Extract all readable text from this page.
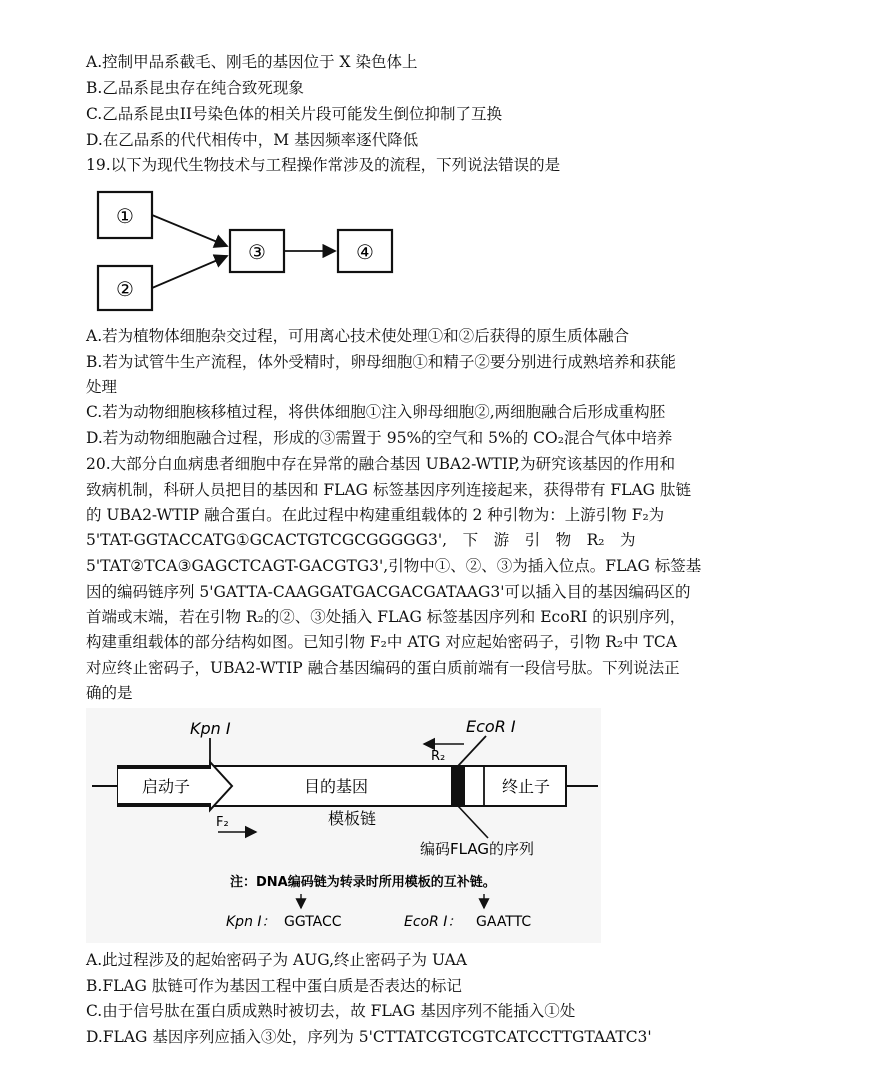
A.控制甲品系截毛、刚毛的基因位于 X 染色体上
B.乙品系昆虫存在纯合致死现象
C.乙品系昆虫II号染色体的相关片段可能发生倒位抑制了互换
D.在乙品系的代代相传中，M 基因频率逐代降低
19.以下为现代生物技术与工程操作常涉及的流程，下列说法错误的是
①
②
③	④
A.若为植物体细胞杂交过程，可用离心技术使处理①和②后获得的原生质体融合
B.若为试管牛生产流程，体外受精时，卵母细胞①和精子②要分别进行成熟培养和获能
处理
C.若为动物细胞核移植过程，将供体细胞①注入卵母细胞②,两细胞融合后形成重构胚
D.若为动物细胞融合过程，形成的③需置于 95%的空气和 5%的 CO₂混合气体中培养
20.大部分白血病患者细胞中存在异常的融合基因 UBA2-WTIP,为研究该基因的作用和
致病机制，科研人员把目的基因和 FLAG 标签基因序列连接起来，获得带有 FLAG 肽链
的 UBA2-WTIP 融合蛋白。在此过程中构建重组载体的 2 种引物为：上游引物 F₂为
5'TAT-GGTACCATG①GCACTGTCGCGGGGG3',　下　游　引　物　R₂　为
5'TAT②TCA③GAGCTCAGT-GACGTG3',引物中①、②、③为插入位点。FLAG 标签基
因的编码链序列 5'GATTA-CAAGGATGACGACGATAAG3'可以插入目的基因编码区的
首端或末端，若在引物 R₂的②、③处插入 FLAG 标签基因序列和 EcoRI 的识别序列，
构建重组载体的部分结构如图。已知引物 F₂中 ATG 对应起始密码子，引物 R₂中 TCA
对应终止密码子，UBA2-WTIP 融合基因编码的蛋白质前端有一段信号肽。下列说法正
确的是
启动子
Kpn Ⅰ
目的基因
EcoR Ⅰ
R₂
终止子
F₂	模板链
编码FLAG的序列
注：DNA编码链为转录时所用模板的互补链。
Kpn Ⅰ： GGTACC	EcoR Ⅰ： GAATTC
A.此过程涉及的起始密码子为 AUG,终止密码子为 UAA
B.FLAG 肽链可作为基因工程中蛋白质是否表达的标记
C.由于信号肽在蛋白质成熟时被切去，故 FLAG 基因序列不能插入①处
D.FLAG 基因序列应插入③处，序列为 5'CTTATCGTCGTCATCCTTGTAATC3'
